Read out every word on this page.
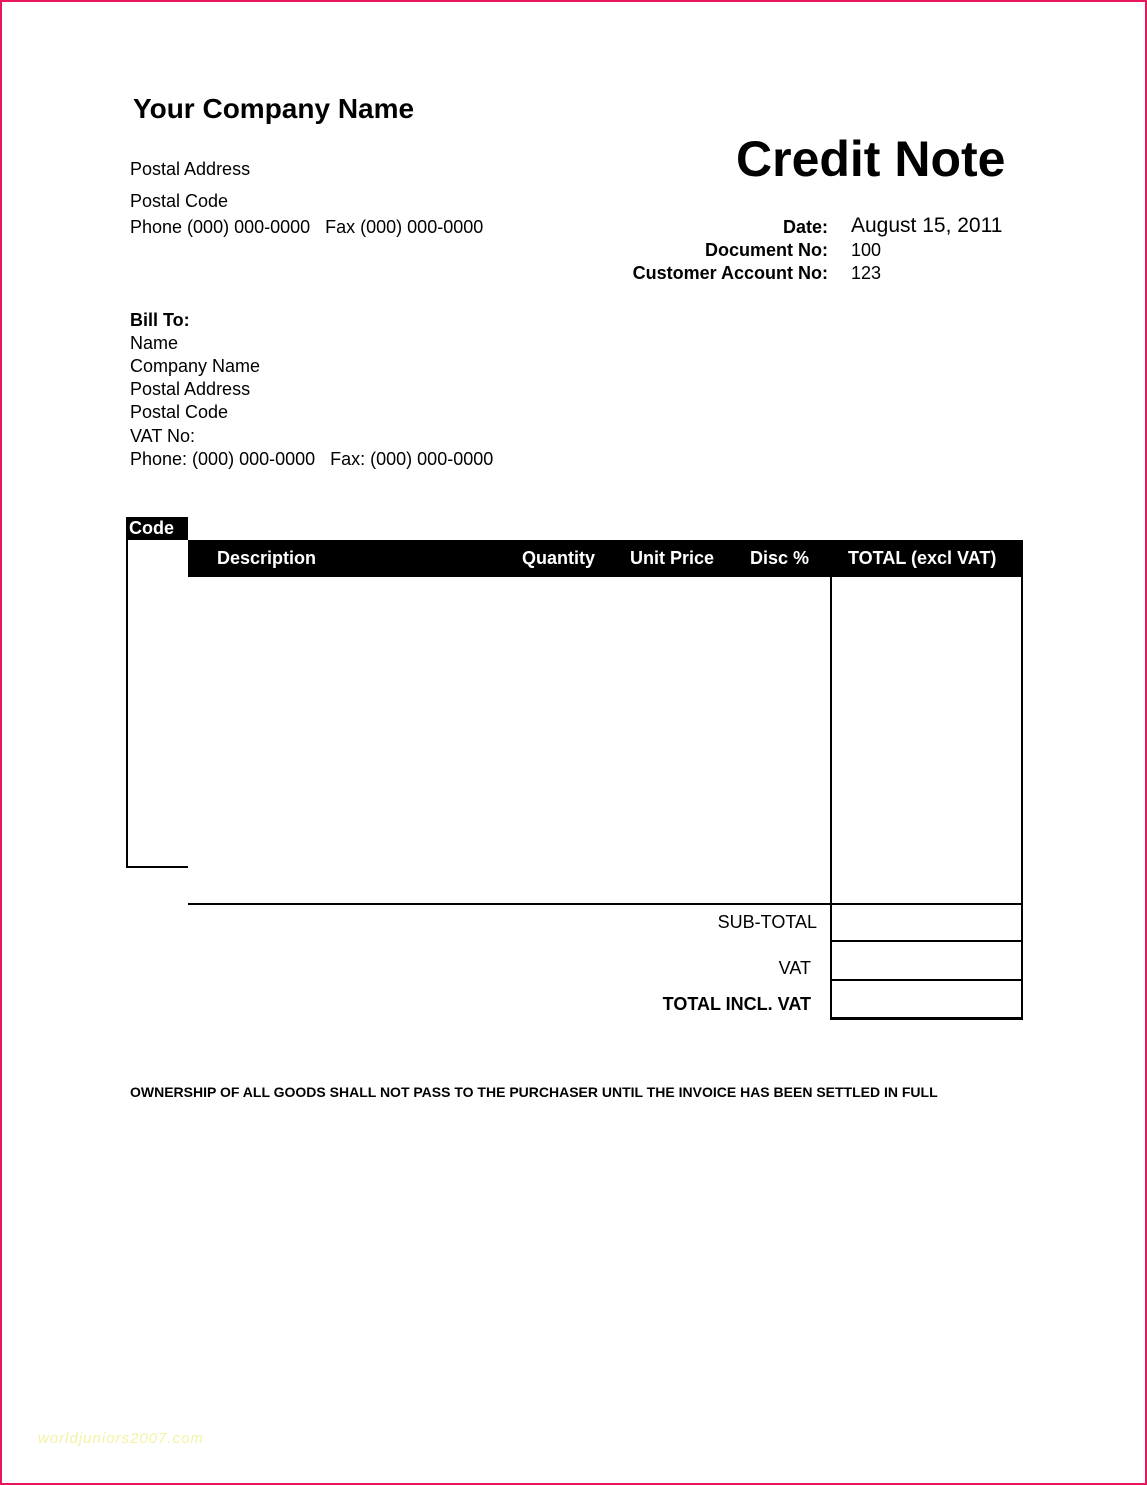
Your Company Name
Credit Note
Postal Address
Postal Code
Phone (000) 000-0000   Fax (000) 000-0000	Date: August 15, 2011
Document No: 100
Customer Account No: 123
Bill To:
Name
Company Name
Postal Address
Postal Code
VAT No:
Phone: (000) 000-0000   Fax: (000) 000-0000
Code
Description	Quantity Unit Price Disc % TOTAL (excl VAT)
SUB-TOTAL
VAT
TOTAL INCL. VAT
OWNERSHIP OF ALL GOODS SHALL NOT PASS TO THE PURCHASER UNTIL THE INVOICE HAS BEEN SETTLED IN FULL
worldjuniors2007.com
